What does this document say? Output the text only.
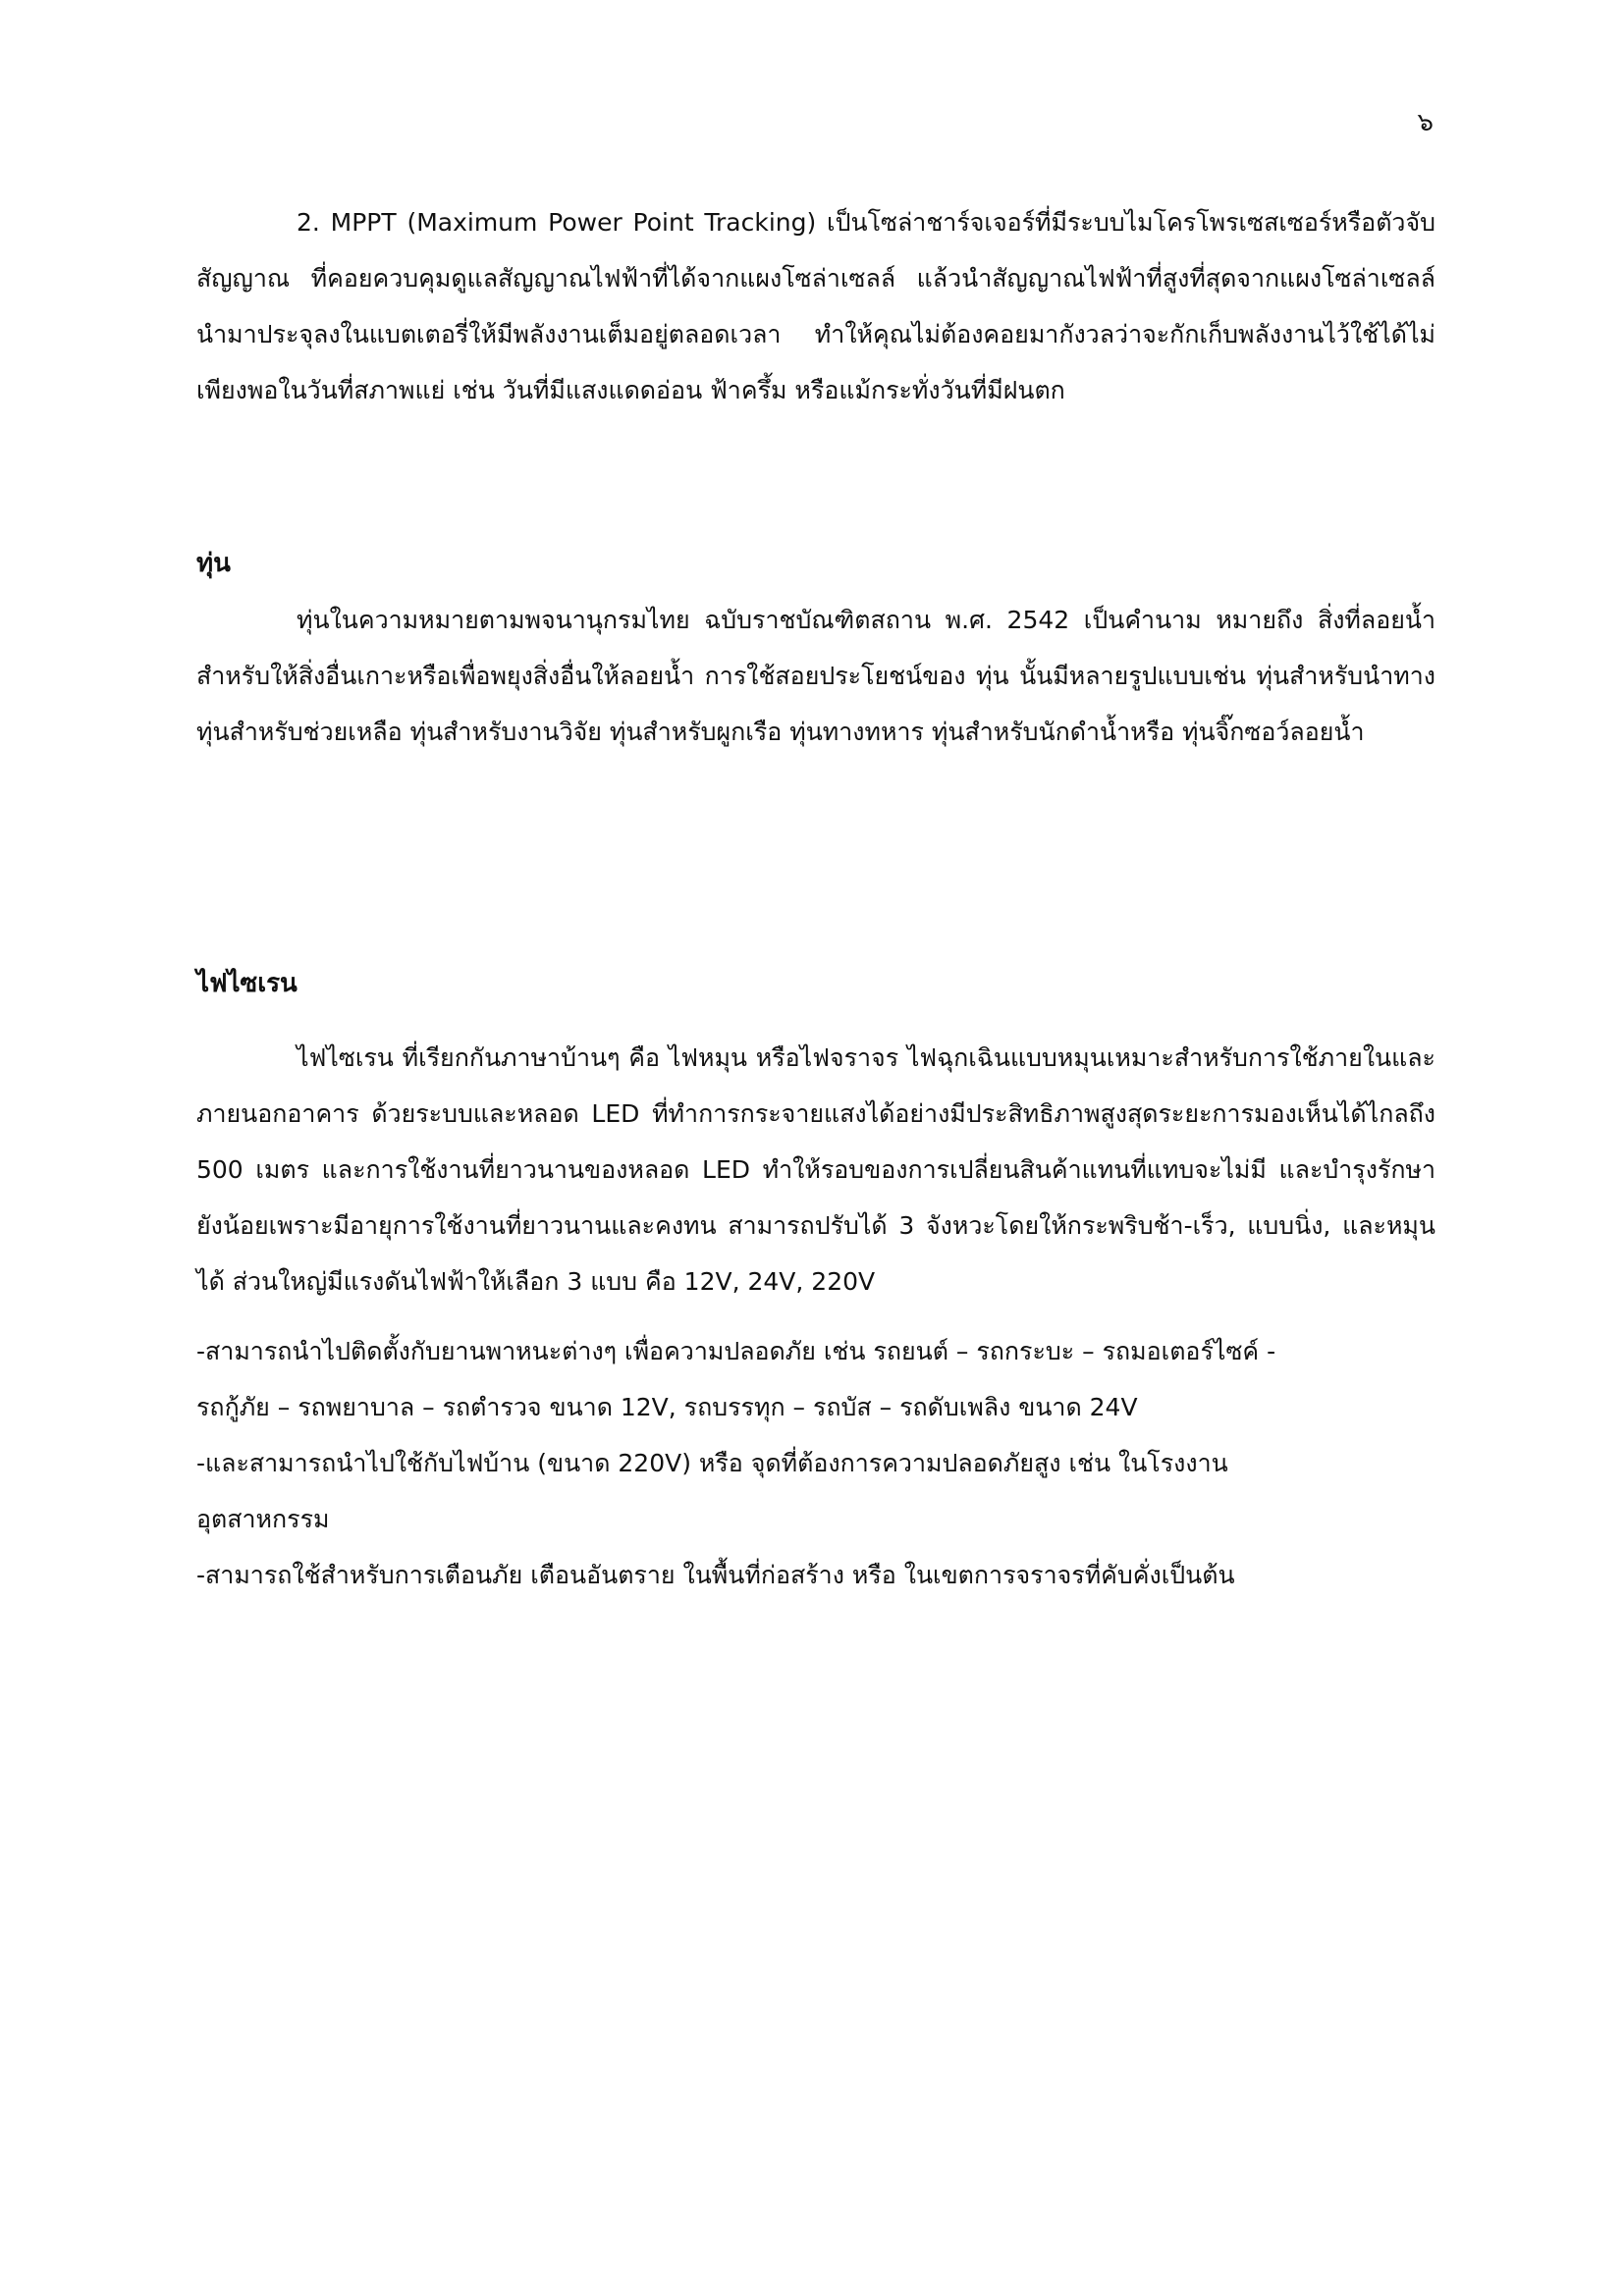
๖

2. MPPT (Maximum Power Point Tracking) เป็นโซล่าชาร์จเจอร์ที่มีระบบไมโครโพรเซสเซอร์หรือตัวจับสัญญาณ ที่คอยควบคุมดูแลสัญญาณไฟฟ้าที่ได้จากแผงโซล่าเซลล์ แล้วนำสัญญาณไฟฟ้าที่สูงที่สุดจากแผงโซล่าเซลล์นำมาประจุลงในแบตเตอรี่ให้มีพลังงานเต็มอยู่ตลอดเวลา ทำให้คุณไม่ต้องคอยมากังวลว่าจะกักเก็บพลังงานไว้ใช้ได้ไม่เพียงพอในวันที่สภาพแย่ เช่น วันที่มีแสงแดดอ่อน ฟ้าครึ้ม หรือแม้กระทั่งวันที่มีฝนตก

ทุ่น

ทุ่นในความหมายตามพจนานุกรมไทย ฉบับราชบัณฑิตสถาน พ.ศ. 2542 เป็นคำนาม หมายถึง สิ่งที่ลอยน้ำสำหรับให้สิ่งอื่นเกาะหรือเพื่อพยุงสิ่งอื่นให้ลอยน้ำ การใช้สอยประโยชน์ของ ทุ่น นั้นมีหลายรูปแบบเช่น ทุ่นสำหรับนำทาง ทุ่นสำหรับช่วยเหลือ ทุ่นสำหรับงานวิจัย ทุ่นสำหรับผูกเรือ ทุ่นทางทหาร ทุ่นสำหรับนักดำน้ำหรือ ทุ่นจิ๊กซอว์ลอยน้ำ

ไฟไซเรน

ไฟไซเรน ที่เรียกกันภาษาบ้านๆ คือ ไฟหมุน หรือไฟจราจร ไฟฉุกเฉินแบบหมุนเหมาะสำหรับการใช้ภายในและภายนอกอาคาร ด้วยระบบและหลอด LED ที่ทำการกระจายแสงได้อย่างมีประสิทธิภาพสูงสุดระยะการมองเห็นได้ไกลถึง 500 เมตร และการใช้งานที่ยาวนานของหลอด LED ทำให้รอบของการเปลี่ยนสินค้าแทนที่แทบจะไม่มี และบำรุงรักษายังน้อยเพราะมีอายุการใช้งานที่ยาวนานและคงทน สามารถปรับได้ 3 จังหวะโดยให้กระพริบช้า-เร็ว, แบบนิ่ง, และหมุนได้ ส่วนใหญ่มีแรงดันไฟฟ้าให้เลือก 3 แบบ คือ 12V, 24V, 220V

-สามารถนำไปติดตั้งกับยานพาหนะต่างๆ เพื่อความปลอดภัย เช่น รถยนต์ – รถกระบะ – รถมอเตอร์ไซค์ -

รถกู้ภัย – รถพยาบาล – รถตำรวจ ขนาด 12V, รถบรรทุก – รถบัส – รถดับเพลิง ขนาด 24V

-และสามารถนำไปใช้กับไฟบ้าน (ขนาด 220V) หรือ จุดที่ต้องการความปลอดภัยสูง เช่น ในโรงงาน

อุตสาหกรรม

-สามารถใช้สำหรับการเตือนภัย เตือนอันตราย ในพื้นที่ก่อสร้าง หรือ ในเขตการจราจรที่คับคั่งเป็นต้น
